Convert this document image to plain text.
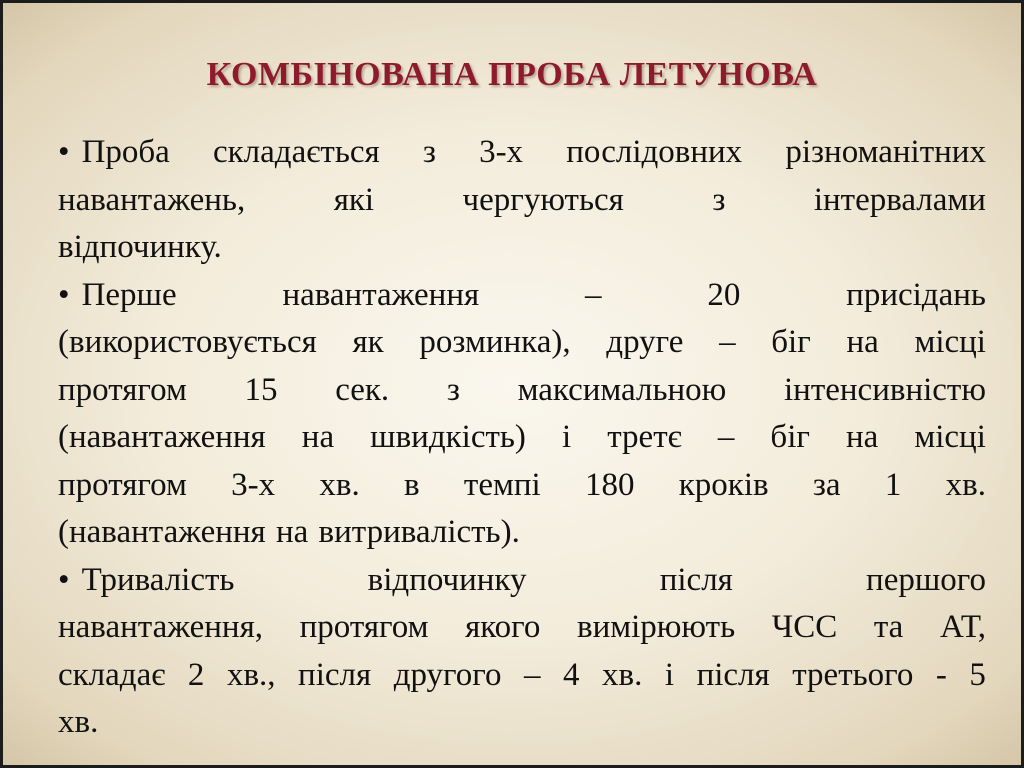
КОМБІНОВАНА ПРОБА ЛЕТУНОВА
• Проба складається з 3-х послідовних різноманітних
навантажень,	які	чергуються	з	інтервалами
відпочинку.
• Перше	навантаження	–	20	присідань
(використовується як розминка), друге – біг на місці
протягом 15 сек. з максимальною інтенсивністю
(навантаження на швидкість) і третє – біг на місці
протягом 3-х хв. в темпі 180 кроків за 1 хв.
(навантаження
на
витривалість).
• Тривалість	відпочинку	після	першого
навантаження, протягом якого вимірюють ЧСС та АТ,
складає 2 хв., після другого – 4 хв. і після третього - 5
хв.
